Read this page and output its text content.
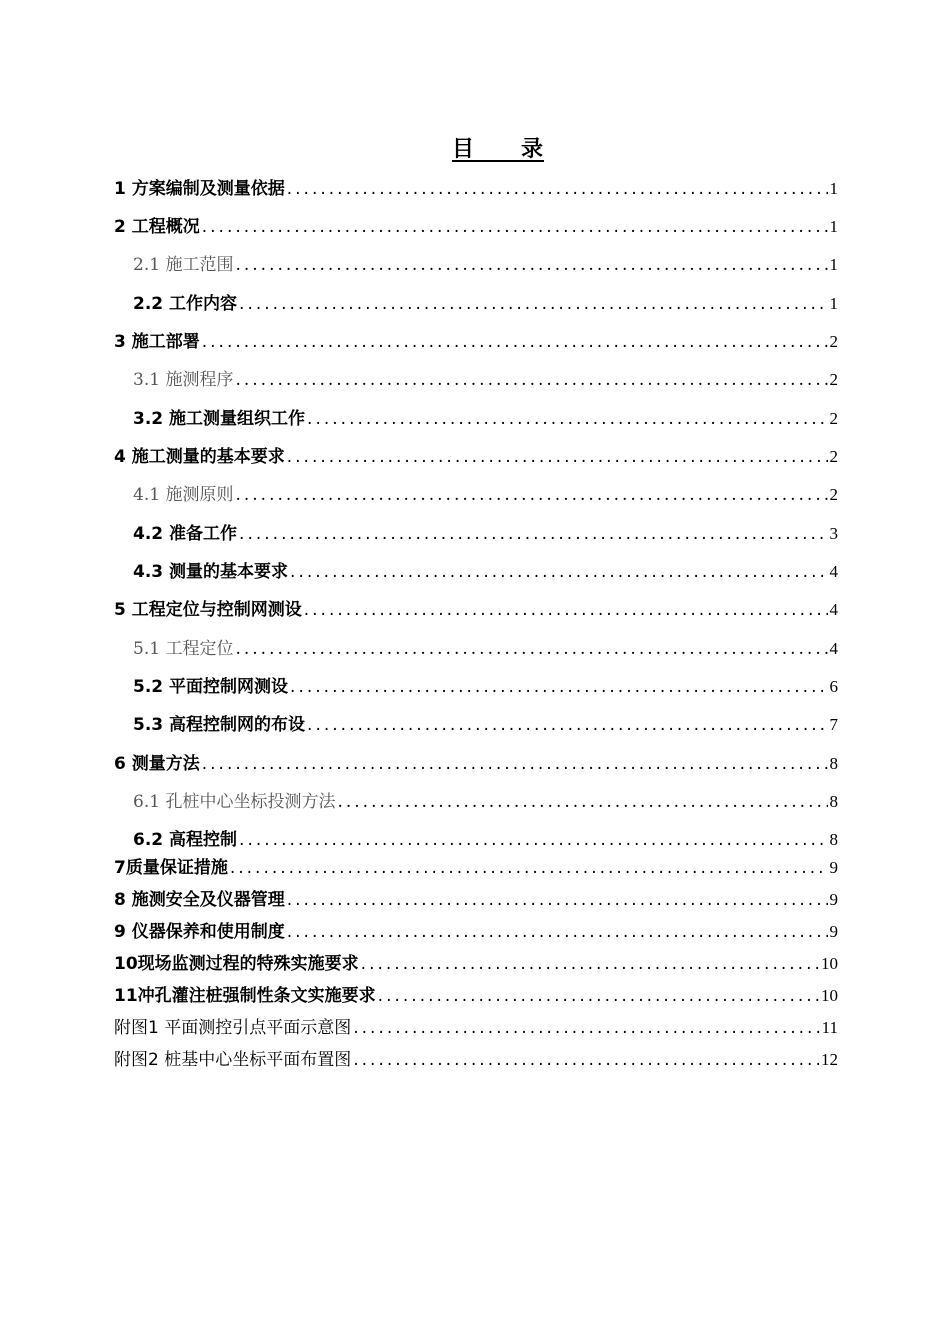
目　　录
1 方案编制及测量依据 .....	1
2 工程概况 .....	1
2.1 施工范围 .....	1
2.2 工作内容 .....	1
3 施工部署 .....	2
3.1 施测程序 .....	2
3.2 施工测量组织工作 .....	2
4 施工测量的基本要求 .....	2
4.1 施测原则 .....	2
4.2 准备工作 .....	3
4.3 测量的基本要求 .....	4
5 工程定位与控制网测设 .....	4
5.1 工程定位 .....	4
5.2 平面控制网测设 .....	6
5.3 高程控制网的布设 .....	7
6 测量方法 .....	8
6.1 孔桩中心坐标投测方法 .....	8
6.2 高程控制 .....	8
7质量保证措施 .....	9
8 施测安全及仪器管理 .....	9
9 仪器保养和使用制度 .....	9
10现场监测过程的特殊实施要求 .....	10
11冲孔灌注桩强制性条文实施要求 .....	10
附图1 平面测控引点平面示意图 .....	11
附图2 桩基中心坐标平面布置图 .....	12
